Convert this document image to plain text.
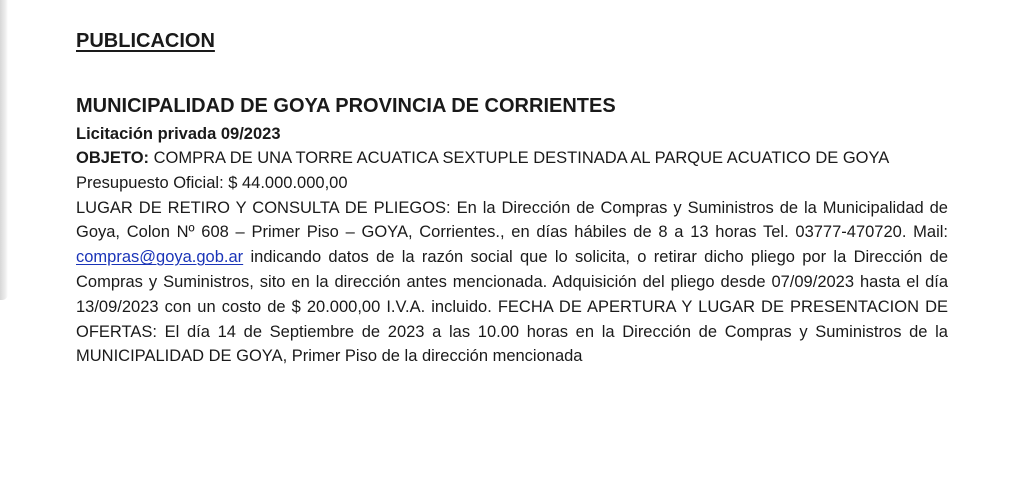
PUBLICACION

MUNICIPALIDAD DE GOYA PROVINCIA DE CORRIENTES

Licitación privada 09/2023

OBJETO: COMPRA DE UNA TORRE ACUATICA SEXTUPLE DESTINADA AL PARQUE ACUATICO DE GOYA

Presupuesto Oficial: $ 44.000.000,00

LUGAR DE RETIRO Y CONSULTA DE PLIEGOS: En la Dirección de Compras y Suministros de la Municipalidad de Goya, Colon Nº 608 – Primer Piso – GOYA, Corrientes., en días hábiles de 8 a 13 horas Tel. 03777-470720. Mail: compras@goya.gob.ar indicando datos de la razón social que lo solicita, o retirar dicho pliego por la Dirección de Compras y Suministros, sito en la dirección antes mencionada. Adquisición del pliego desde 07/09/2023 hasta el día 13/09/2023 con un costo de $ 20.000,00 I.V.A. incluido. FECHA DE APERTURA Y LUGAR DE PRESENTACION DE OFERTAS: El día 14 de Septiembre de 2023 a las 10.00 horas en la Dirección de Compras y Suministros de la MUNICIPALIDAD DE GOYA, Primer Piso de la dirección mencionada
